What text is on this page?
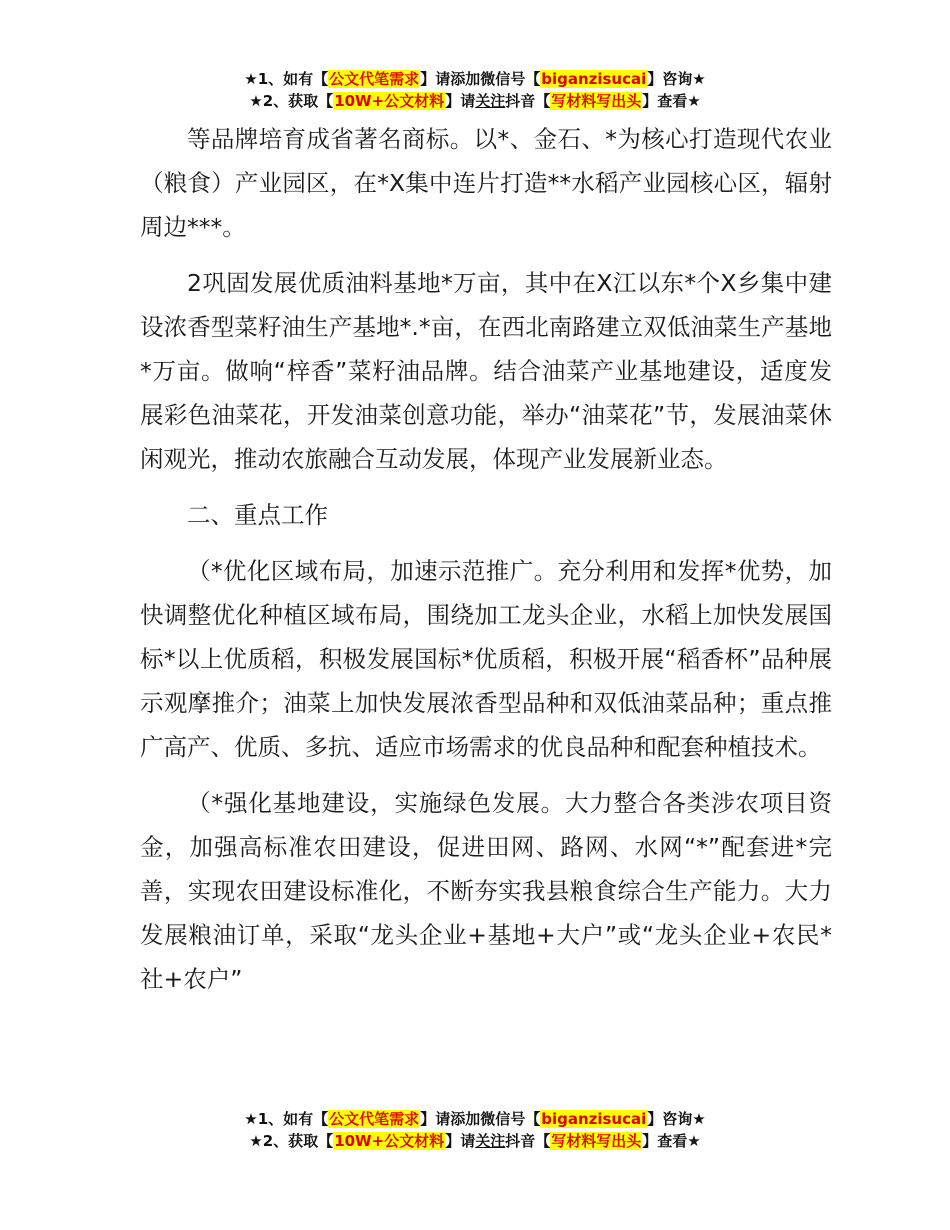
★1、如有【公文代笔需求】请添加微信号【biganzisucai】咨询★
★2、获取【10W+公文材料】请关注抖音【写材料写出头】查看★

等品牌培育成省著名商标。以*、金石、*为核心打造现代农业（粮食）产业园区，在*X集中连片打造**水稻产业园核心区，辐射周边***。

2巩固发展优质油料基地*万亩，其中在X江以东*个X乡集中建设浓香型菜籽油生产基地*.*亩，在西北南路建立双低油菜生产基地*万亩。做响“梓香”菜籽油品牌。结合油菜产业基地建设，适度发展彩色油菜花，开发油菜创意功能，举办“油菜花”节，发展油菜休闲观光，推动农旅融合互动发展，体现产业发展新业态。

二、重点工作

（*优化区域布局，加速示范推广。充分利用和发挥*优势，加快调整优化种植区域布局，围绕加工龙头企业，水稻上加快发展国标*以上优质稻，积极发展国标*优质稻，积极开展“稻香杯”品种展示观摩推介；油菜上加快发展浓香型品种和双低油菜品种；重点推广高产、优质、多抗、适应市场需求的优良品种和配套种植技术。

（*强化基地建设，实施绿色发展。大力整合各类涉农项目资金，加强高标准农田建设，促进田网、路网、水网“*”配套进*完善，实现农田建设标准化，不断夯实我县粮食综合生产能力。大力发展粮油订单，采取“龙头企业+基地+大户”或“龙头企业+农民*社+农户”

★1、如有【公文代笔需求】请添加微信号【biganzisucai】咨询★
★2、获取【10W+公文材料】请关注抖音【写材料写出头】查看★
